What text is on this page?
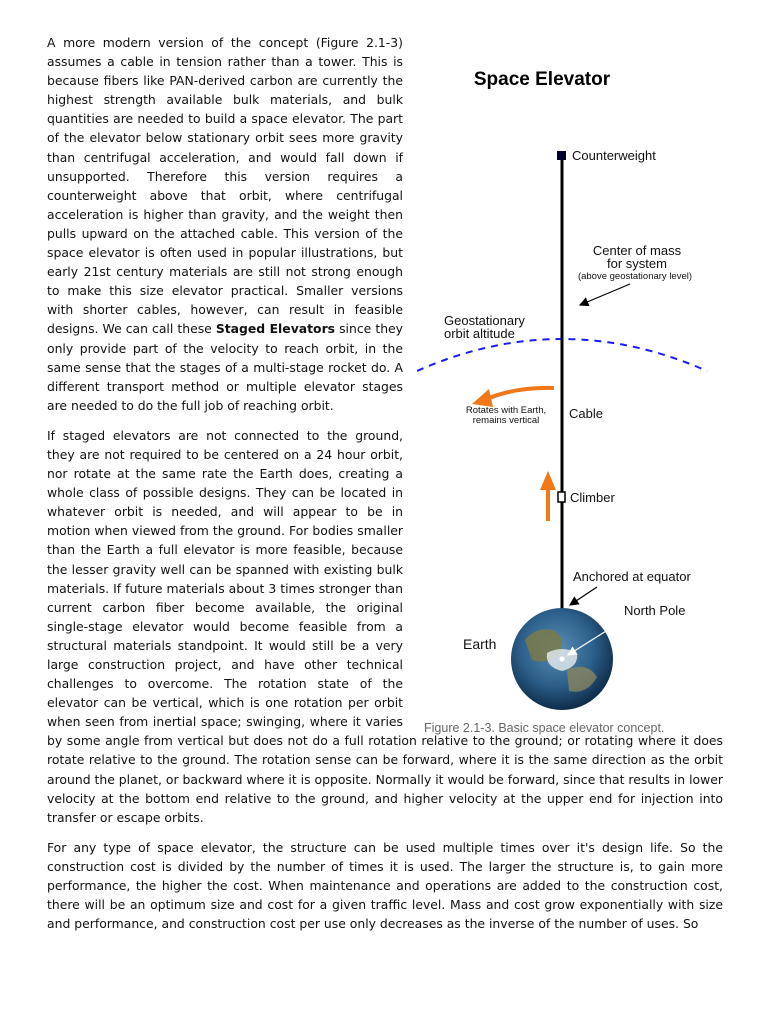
Space Elevator
Counterweight
Center of mass
for system
(above geostationary level)
Geostationary
orbit altitude
Rotates with Earth,
remains vertical Cable
Climber
Anchored at equator
Earth
North Pole
Figure 2.1-3. Basic space elevator concept.

A more modern version of the concept (Figure 2.1-3) assumes a cable in tension rather than a tower. This is because fibers like PAN-derived carbon are currently the highest strength available bulk materials, and bulk quantities are needed to build a space elevator. The part of the elevator below stationary orbit sees more gravity than centrifugal acceleration, and would fall down if unsupported. Therefore this version requires a counterweight above that orbit, where centrifugal acceleration is higher than gravity, and the weight then pulls upward on the attached cable. This version of the space elevator is often used in popular illustrations, but early 21st century materials are still not strong enough to make this size elevator practical. Smaller versions with shorter cables, however, can result in feasible designs. We can call these Staged Elevators since they only provide part of the velocity to reach orbit, in the same sense that the stages of a multi-stage rocket do. A different transport method or multiple elevator stages are needed to do the full job of reaching orbit.

If staged elevators are not connected to the ground, they are not required to be centered on a 24 hour orbit, nor rotate at the same rate the Earth does, creating a whole class of possible designs. They can be located in whatever orbit is needed, and will appear to be in motion when viewed from the ground. For bodies smaller than the Earth a full elevator is more feasible, because the lesser gravity well can be spanned with existing bulk materials. If future materials about 3 times stronger than current carbon fiber become available, the original single-stage elevator would become feasible from a structural materials standpoint. It would still be a very large construction project, and have other technical challenges to overcome. The rotation state of the elevator can be vertical, which is one rotation per orbit when seen from inertial space; swinging, where it varies by some angle from vertical but does not do a full rotation relative to the ground; or rotating where it does rotate relative to the ground. The rotation sense can be forward, where it is the same direction as the orbit around the planet, or backward where it is opposite. Normally it would be forward, since that results in lower velocity at the bottom end relative to the ground, and higher velocity at the upper end for injection into transfer or escape orbits.

For any type of space elevator, the structure can be used multiple times over it's design life. So the construction cost is divided by the number of times it is used. The larger the structure is, to gain more performance, the higher the cost. When maintenance and operations are added to the construction cost, there will be an optimum size and cost for a given traffic level. Mass and cost grow exponentially with size and performance, and construction cost per use only decreases as the inverse of the number of uses. So
